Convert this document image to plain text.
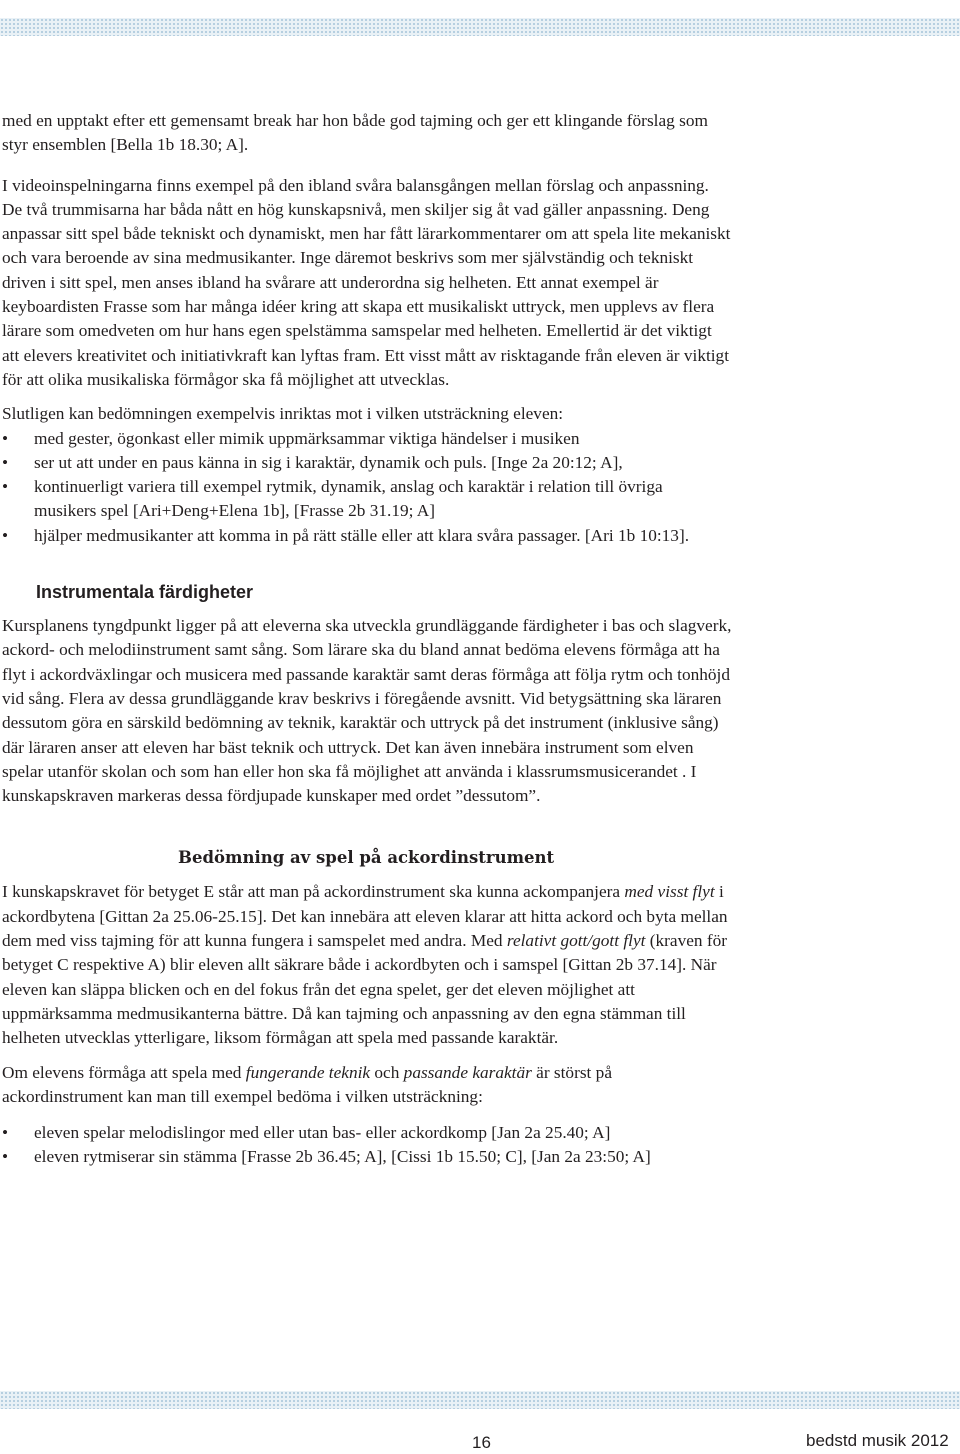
med en upptakt efter ett gemensamt break har hon både god tajming och ger ett klingande förslag som styr ensemblen [Bella 1b 18.30; A].

I videoinspelningarna finns exempel på den ibland svåra balansgången mellan förslag och anpassning. De två trummisarna har båda nått en hög kunskapsnivå, men skiljer sig åt vad gäller anpassning. Deng anpassar sitt spel både tekniskt och dynamiskt, men har fått lärarkommentarer om att spela lite mekaniskt och vara beroende av sina medmusikanter. Inge däremot beskrivs som mer självständig och tekniskt driven i sitt spel, men anses ibland ha svårare att underordna sig helheten. Ett annat exempel är keyboardisten Frasse som har många idéer kring att skapa ett musikaliskt uttryck, men upplevs av flera lärare som omedveten om hur hans egen spelstämma samspelar med helheten. Emellertid är det viktigt att elevers kreativitet och initiativkraft kan lyftas fram. Ett visst mått av risktagande från eleven är viktigt för att olika musikaliska förmågor ska få möjlighet att utvecklas.

Slutligen kan bedömningen exempelvis inriktas mot i vilken utsträckning eleven:

• med gester, ögonkast eller mimik uppmärksammar viktiga händelser i musiken
• ser ut att under en paus känna in sig i karaktär, dynamik och puls. [Inge 2a 20:12; A],
• kontinuerligt variera till exempel rytmik, dynamik, anslag och karaktär i relation till övriga musikers spel [Ari+Deng+Elena 1b], [Frasse 2b 31.19; A]
• hjälper medmusikanter att komma in på rätt ställe eller att klara svåra passager. [Ari 1b 10:13].
Instrumentala färdigheter

Kursplanens tyngdpunkt ligger på att eleverna ska utveckla grundläggande färdigheter i bas och slagverk, ackord- och melodiinstrument samt sång. Som lärare ska du bland annat bedöma elevens förmåga att ha flyt i ackordväxlingar och musicera med passande karaktär samt deras förmåga att följa rytm och tonhöjd vid sång. Flera av dessa grundläggande krav beskrivs i föregående avsnitt. Vid betygsättning ska läraren dessutom göra en särskild bedömning av teknik, karaktär och uttryck på det instrument (inklusive sång) där läraren anser att eleven har bäst teknik och uttryck. Det kan även innebära instrument som elven spelar utanför skolan och som han eller hon ska få möjlighet att använda i klassrumsmusicerandet . I kunskapskraven markeras dessa fördjupade kunskaper med ordet ”dessutom”.

Bedömning av spel på ackordinstrument

I kunskapskravet för betyget E står att man på ackordinstrument ska kunna ackompanjera med visst flyt i ackordbytena [Gittan 2a 25.06-25.15]. Det kan innebära att eleven klarar att hitta ackord och byta mellan dem med viss tajming för att kunna fungera i samspelet med andra. Med relativt gott/gott flyt (kraven för betyget C respektive A) blir eleven allt säkrare både i ackordbyten och i samspel [Gittan 2b 37.14]. När eleven kan släppa blicken och en del fokus från det egna spelet, ger det eleven möjlighet att uppmärksamma medmusikanterna bättre. Då kan tajming och anpassning av den egna stämman till helheten utvecklas ytterligare, liksom förmågan att spela med passande karaktär.

Om elevens förmåga att spela med fungerande teknik och passande karaktär är störst på ackordinstrument kan man till exempel bedöma i vilken utsträckning:

• eleven spelar melodislingor med eller utan bas- eller ackordkomp [Jan 2a 25.40; A]
• eleven rytmiserar sin stämma [Frasse 2b 36.45; A], [Cissi 1b 15.50; C], [Jan 2a 23:50; A]
16	bedstd musik 2012
